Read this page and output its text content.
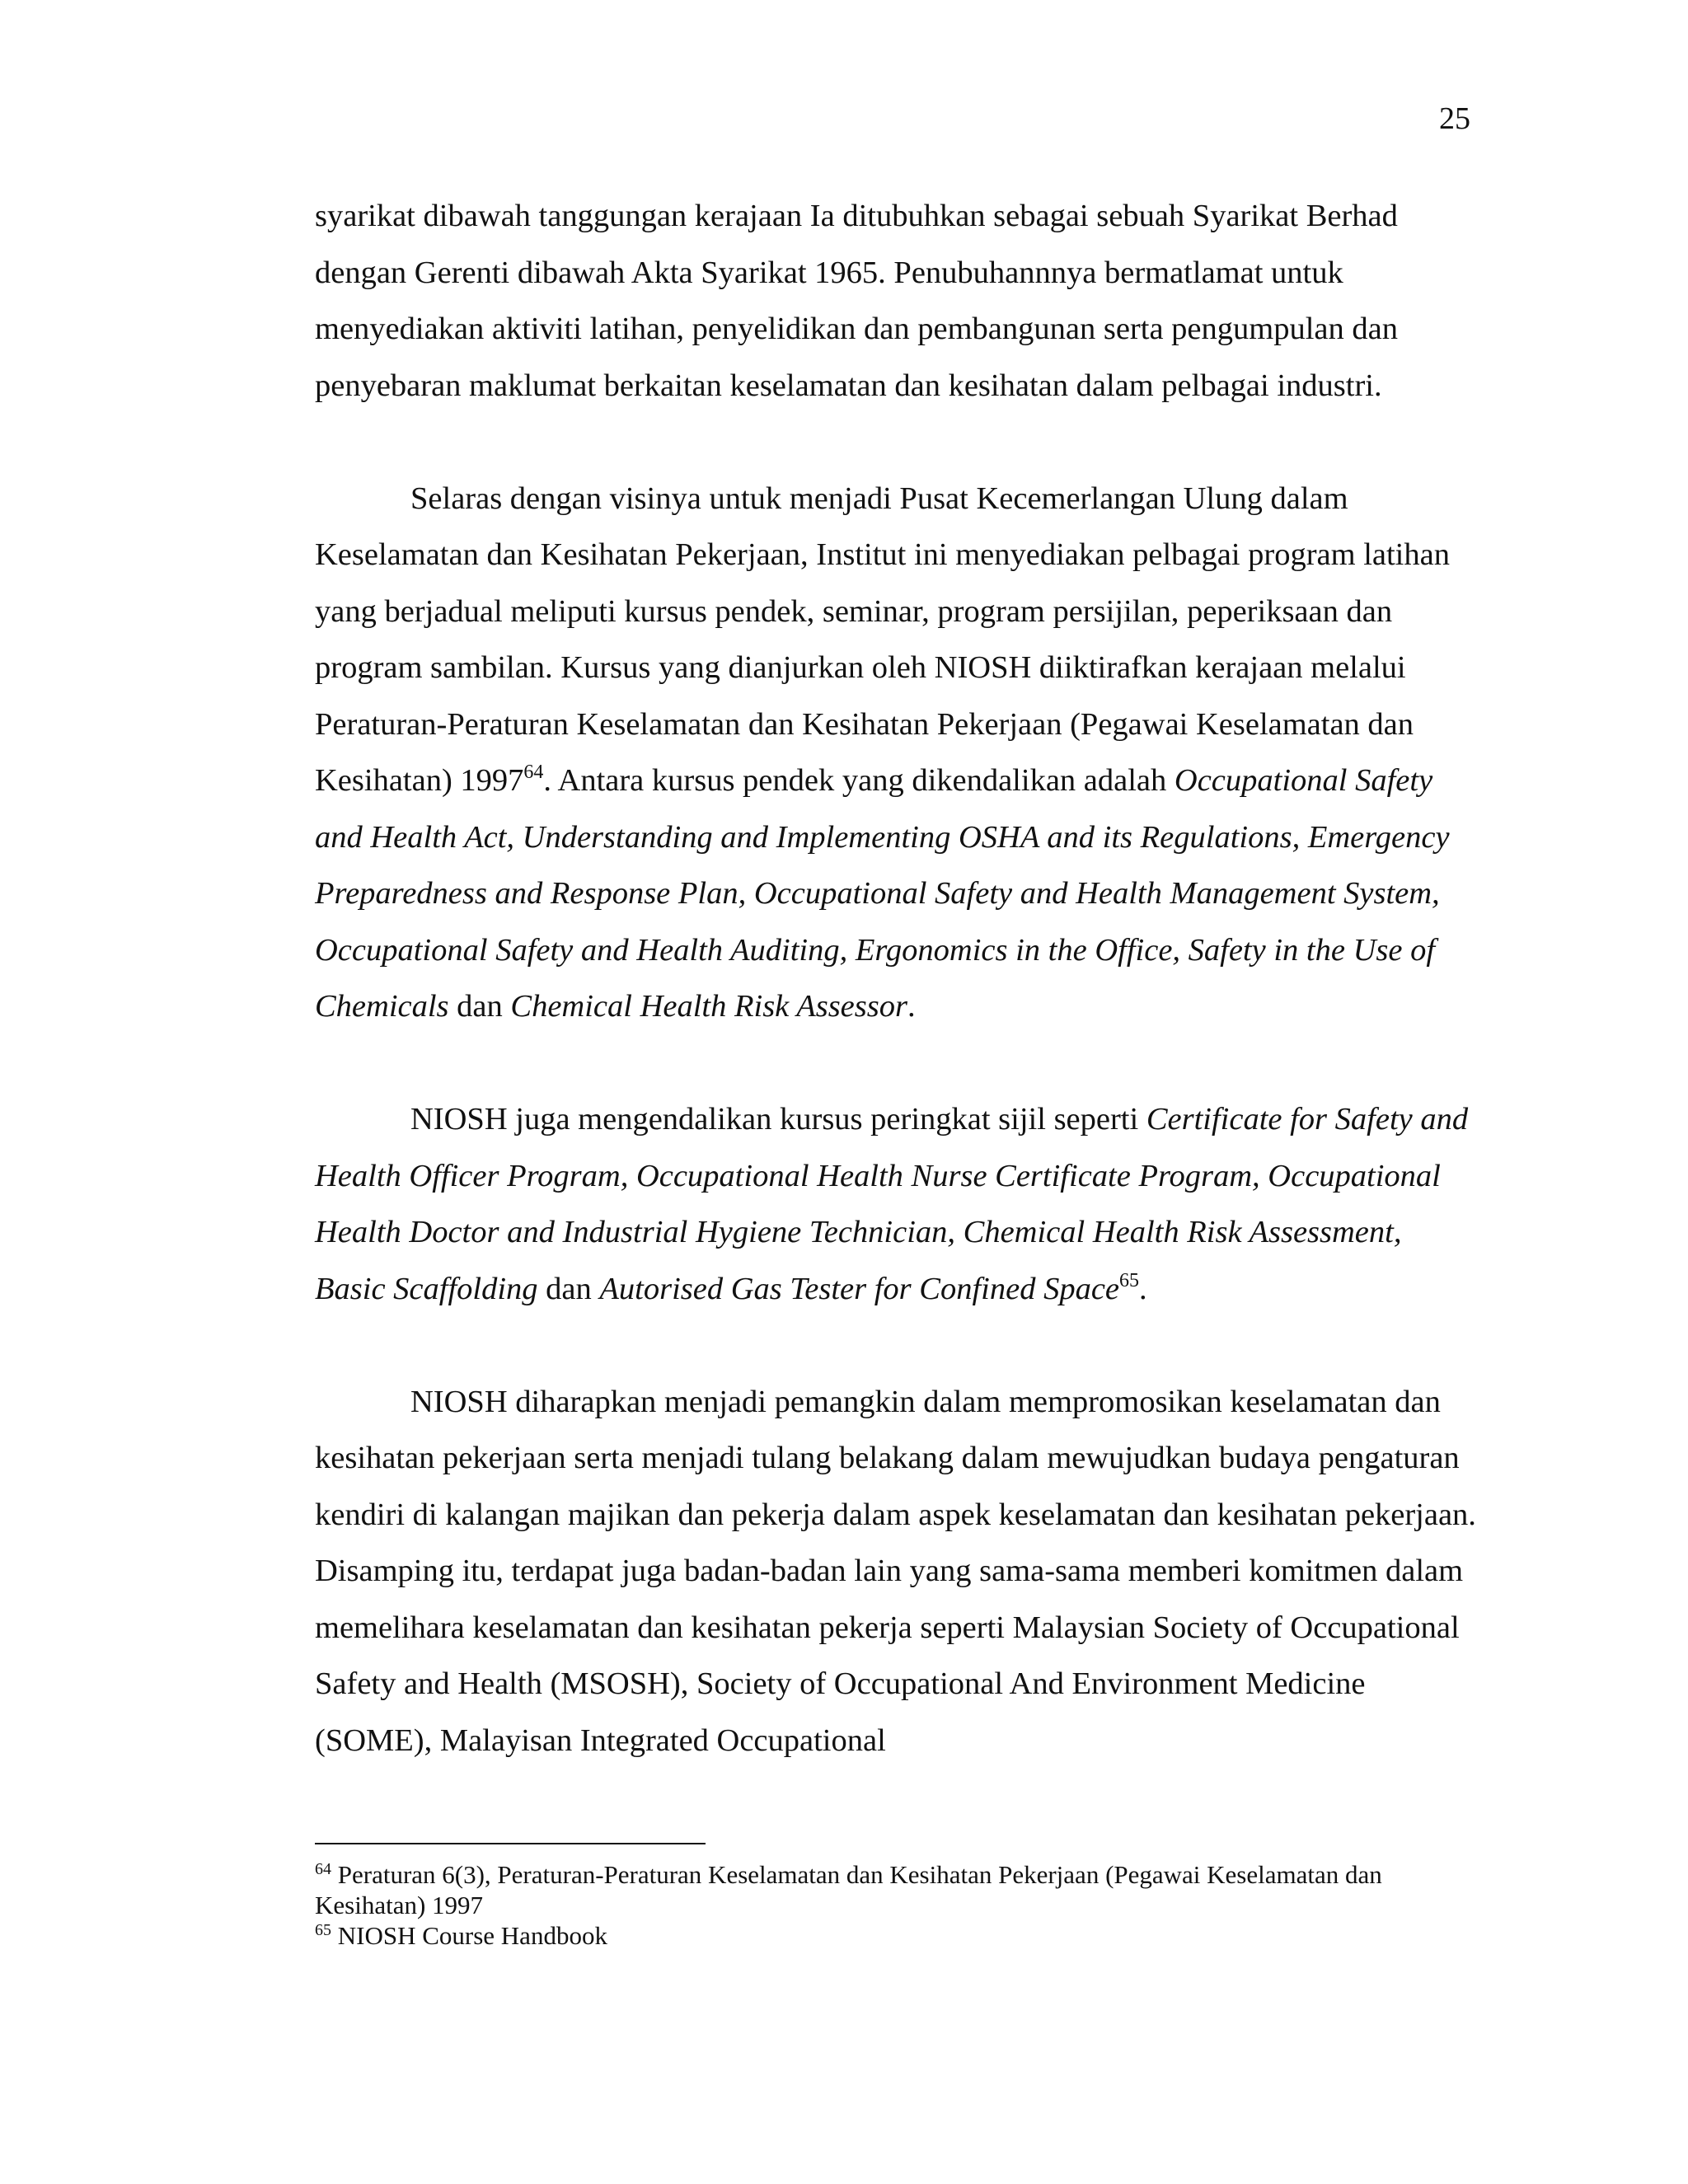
25

syarikat dibawah tanggungan kerajaan Ia ditubuhkan sebagai sebuah Syarikat Berhad dengan Gerenti dibawah Akta Syarikat 1965. Penubuhannnya bermatlamat untuk menyediakan aktiviti latihan, penyelidikan dan pembangunan serta pengumpulan dan penyebaran maklumat berkaitan keselamatan dan kesihatan dalam pelbagai industri.

Selaras dengan visinya untuk menjadi Pusat Kecemerlangan Ulung dalam Keselamatan dan Kesihatan Pekerjaan, Institut ini menyediakan pelbagai program latihan yang berjadual meliputi kursus pendek, seminar, program persijilan, peperiksaan dan program sambilan. Kursus yang dianjurkan oleh NIOSH diiktirafkan kerajaan melalui Peraturan-Peraturan Keselamatan dan Kesihatan Pekerjaan (Pegawai Keselamatan dan Kesihatan) 1997$^{64}$. Antara kursus pendek yang dikendalikan adalah Occupational Safety and Health Act, Understanding and Implementing OSHA and its Regulations, Emergency Preparedness and Response Plan, Occupational Safety and Health Management System, Occupational Safety and Health Auditing, Ergonomics in the Office, Safety in the Use of Chemicals dan Chemical Health Risk Assessor.

NIOSH juga mengendalikan kursus peringkat sijil seperti Certificate for Safety and Health Officer Program, Occupational Health Nurse Certificate Program, Occupational Health Doctor and Industrial Hygiene Technician, Chemical Health Risk Assessment, Basic Scaffolding dan Autorised Gas Tester for Confined Space$^{65}$.

NIOSH diharapkan menjadi pemangkin dalam mempromosikan keselamatan dan kesihatan pekerjaan serta menjadi tulang belakang dalam mewujudkan budaya pengaturan kendiri di kalangan majikan dan pekerja dalam aspek keselamatan dan kesihatan pekerjaan. Disamping itu, terdapat juga badan-badan lain yang sama-sama memberi komitmen dalam memelihara keselamatan dan kesihatan pekerja seperti Malaysian Society of Occupational Safety and Health (MSOSH), Society of Occupational And Environment Medicine (SOME), Malayisan Integrated Occupational

$^{64}$ Peraturan 6(3), Peraturan-Peraturan Keselamatan dan Kesihatan Pekerjaan (Pegawai Keselamatan dan Kesihatan) 1997

$^{65}$ NIOSH Course Handbook
